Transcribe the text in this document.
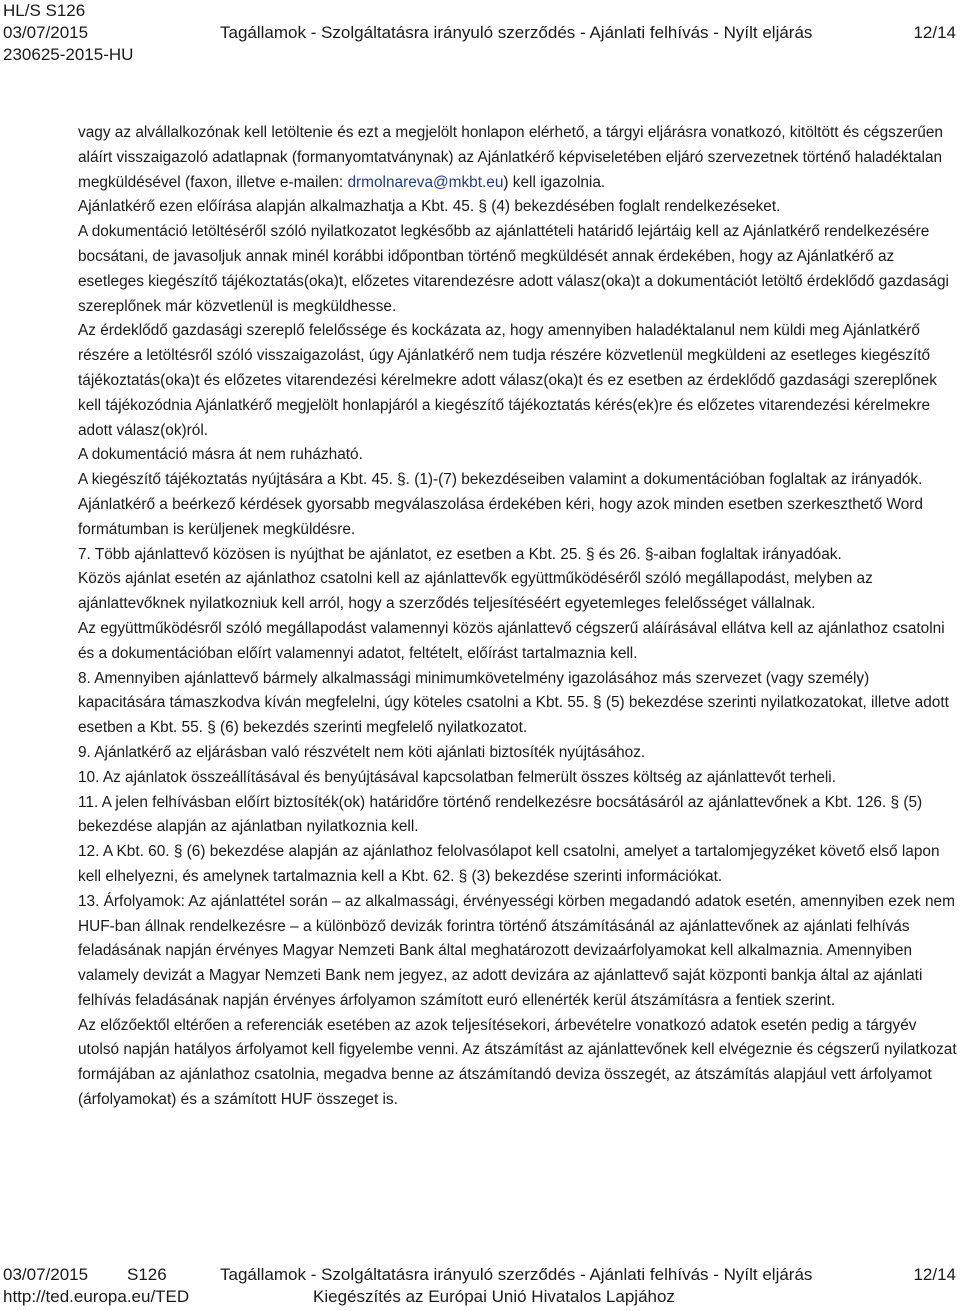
HL/S S126
03/07/2015	Tagállamok - Szolgáltatásra irányuló szerződés - Ajánlati felhívás - Nyílt eljárás	12/14
230625-2015-HU

vagy az alvállalkozónak kell letöltenie és ezt a megjelölt honlapon elérhető, a tárgyi eljárásra vonatkozó, kitöltött és cégszerűen aláírt visszaigazoló adatlapnak (formanyomtatványnak) az Ajánlatkérő képviseletében eljáró szervezetnek történő haladéktalan megküldésével (faxon, illetve e-mailen: drmolnareva@mkbt.eu) kell igazolnia.

Ajánlatkérő ezen előírása alapján alkalmazhatja a Kbt. 45. § (4) bekezdésében foglalt rendelkezéseket.

A dokumentáció letöltéséről szóló nyilatkozatot legkésőbb az ajánlattételi határidő lejártáig kell az Ajánlatkérő rendelkezésére bocsátani, de javasoljuk annak minél korábbi időpontban történő megküldését annak érdekében, hogy az Ajánlatkérő az esetleges kiegészítő tájékoztatás(oka)t, előzetes vitarendezésre adott válasz(oka)t a dokumentációt letöltő érdeklődő gazdasági szereplőnek már közvetlenül is megküldhesse.

Az érdeklődő gazdasági szereplő felelőssége és kockázata az, hogy amennyiben haladéktalanul nem küldi meg Ajánlatkérő részére a letöltésről szóló visszaigazolást, úgy Ajánlatkérő nem tudja részére közvetlenül megküldeni az esetleges kiegészítő tájékoztatás(oka)t és előzetes vitarendezési kérelmekre adott válasz(oka)t és ez esetben az érdeklődő gazdasági szereplőnek kell tájékozódnia Ajánlatkérő megjelölt honlapjáról a kiegészítő tájékoztatás kérés(ek)re és előzetes vitarendezési kérelmekre adott válasz(ok)ról.

A dokumentáció másra át nem ruházható.

A kiegészítő tájékoztatás nyújtására a Kbt. 45. §. (1)-(7) bekezdéseiben valamint a dokumentációban foglaltak az irányadók. Ajánlatkérő a beérkező kérdések gyorsabb megválaszolása érdekében kéri, hogy azok minden esetben szerkeszthető Word formátumban is kerüljenek megküldésre.

7. Több ajánlattevő közösen is nyújthat be ajánlatot, ez esetben a Kbt. 25. § és 26. §-aiban foglaltak irányadóak.

Közös ajánlat esetén az ajánlathoz csatolni kell az ajánlattevők együttműködéséről szóló megállapodást, melyben az ajánlattevőknek nyilatkozniuk kell arról, hogy a szerződés teljesítéséért egyetemleges felelősséget vállalnak.

Az együttműködésről szóló megállapodást valamennyi közös ajánlattevő cégszerű aláírásával ellátva kell az ajánlathoz csatolni és a dokumentációban előírt valamennyi adatot, feltételt, előírást tartalmaznia kell.

8. Amennyiben ajánlattevő bármely alkalmassági minimumkövetelmény igazolásához más szervezet (vagy személy) kapacitására támaszkodva kíván megfelelni, úgy köteles csatolni a Kbt. 55. § (5) bekezdése szerinti nyilatkozatokat, illetve adott esetben a Kbt. 55. § (6) bekezdés szerinti megfelelő nyilatkozatot.

9. Ajánlatkérő az eljárásban való részvételt nem köti ajánlati biztosíték nyújtásához.

10. Az ajánlatok összeállításával és benyújtásával kapcsolatban felmerült összes költség az ajánlattevőt terheli.

11. A jelen felhívásban előírt biztosíték(ok) határidőre történő rendelkezésre bocsátásáról az ajánlattevőnek a Kbt. 126. § (5) bekezdése alapján az ajánlatban nyilatkoznia kell.

12. A Kbt. 60. § (6) bekezdése alapján az ajánlathoz felolvasólapot kell csatolni, amelyet a tartalomjegyzéket követő első lapon kell elhelyezni, és amelynek tartalmaznia kell a Kbt. 62. § (3) bekezdése szerinti információkat.

13. Árfolyamok: Az ajánlattétel során – az alkalmassági, érvényességi körben megadandó adatok esetén, amennyiben ezek nem HUF-ban állnak rendelkezésre – a különböző devizák forintra történő átszámításánál az ajánlattevőnek az ajánlati felhívás feladásának napján érvényes Magyar Nemzeti Bank által meghatározott devizaárfolyamokat kell alkalmaznia. Amennyiben valamely devizát a Magyar Nemzeti Bank nem jegyez, az adott devizára az ajánlattevő saját központi bankja által az ajánlati felhívás feladásának napján érvényes árfolyamon számított euró ellenérték kerül átszámításra a fentiek szerint.

Az előzőektől eltérően a referenciák esetében az azok teljesítésekori, árbevételre vonatkozó adatok esetén pedig a tárgyév utolsó napján hatályos árfolyamot kell figyelembe venni. Az átszámítást az ajánlattevőnek kell elvégeznie és cégszerű nyilatkozat formájában az ajánlathoz csatolnia, megadva benne az átszámítandó deviza összegét, az átszámítás alapjául vett árfolyamot (árfolyamokat) és a számított HUF összeget is.

03/07/2015 S126	Tagállamok - Szolgáltatásra irányuló szerződés - Ajánlati felhívás - Nyílt eljárás	12/14
http://ted.europa.eu/TED	Kiegészítés az Európai Unió Hivatalos Lapjához
